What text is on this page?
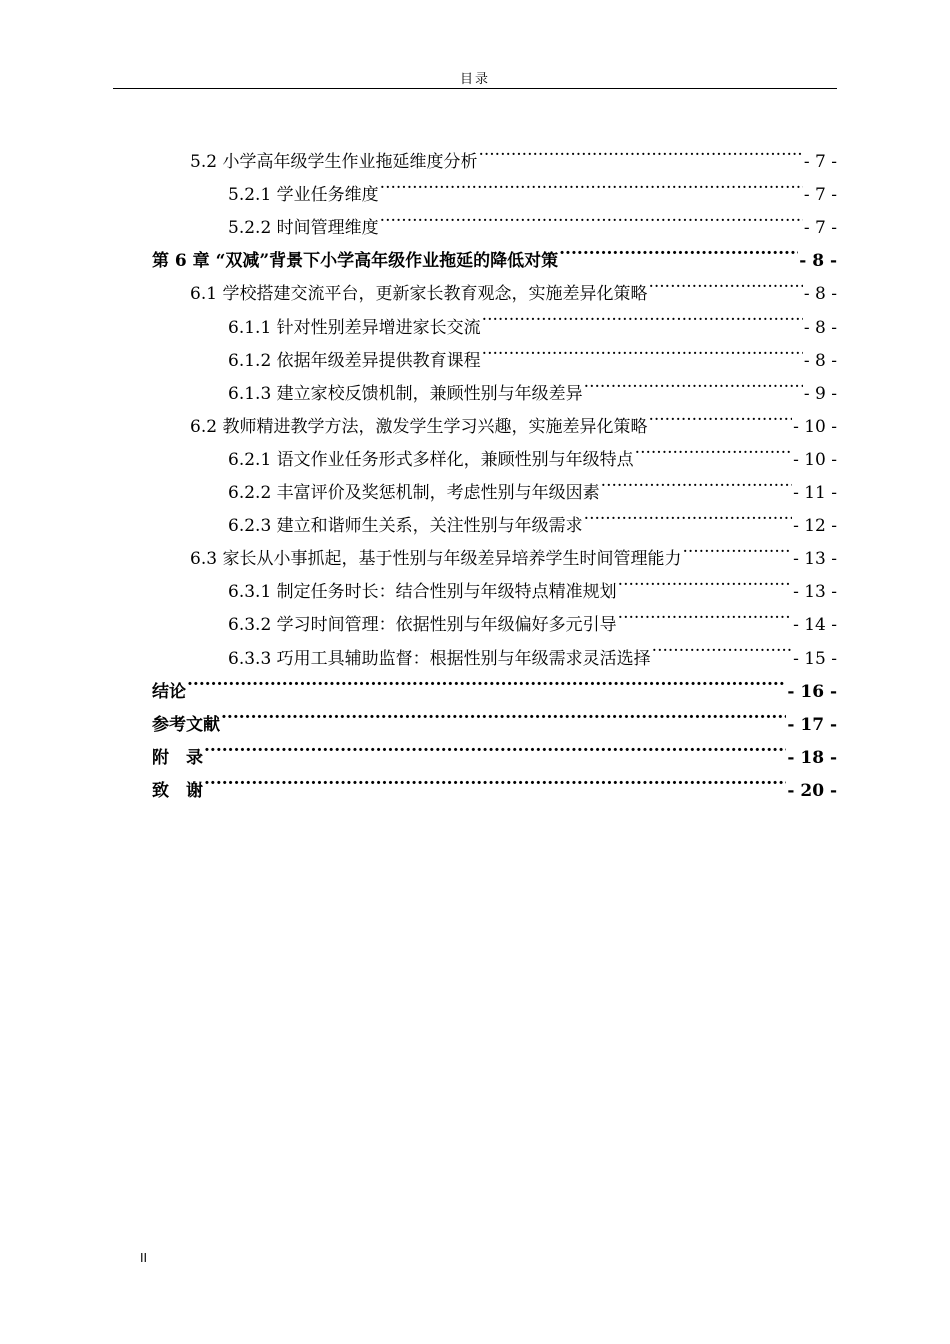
目录
5.2 小学高年级学生作业拖延维度分析 .....	- 7 -
5.2.1 学业任务维度 .....	- 7 -
5.2.2 时间管理维度 .....	- 7 -
第 6 章 “双减”背景下小学高年级作业拖延的降低对策 .....	- 8 -
6.1 学校搭建交流平台，更新家长教育观念，实施差异化策略 .....	- 8 -
6.1.1 针对性别差异增进家长交流 .....	- 8 -
6.1.2 依据年级差异提供教育课程 .....	- 8 -
6.1.3 建立家校反馈机制，兼顾性别与年级差异 .....	- 9 -
6.2 教师精进教学方法，激发学生学习兴趣，实施差异化策略 .....	- 10 -
6.2.1 语文作业任务形式多样化，兼顾性别与年级特点 .....	- 10 -
6.2.2 丰富评价及奖惩机制，考虑性别与年级因素 .....	- 11 -
6.2.3 建立和谐师生关系，关注性别与年级需求 .....	- 12 -
6.3 家长从小事抓起，基于性别与年级差异培养学生时间管理能力 .....	- 13 -
6.3.1 制定任务时长：结合性别与年级特点精准规划 .....	- 13 -
6.3.2 学习时间管理：依据性别与年级偏好多元引导 .....	- 14 -
6.3.3 巧用工具辅助监督：根据性别与年级需求灵活选择 .....	- 15 -
结论 .....	- 16 -
参考文献 .....	- 17 -
附　录 .....	- 18 -
致　谢 .....	- 20 -
II
